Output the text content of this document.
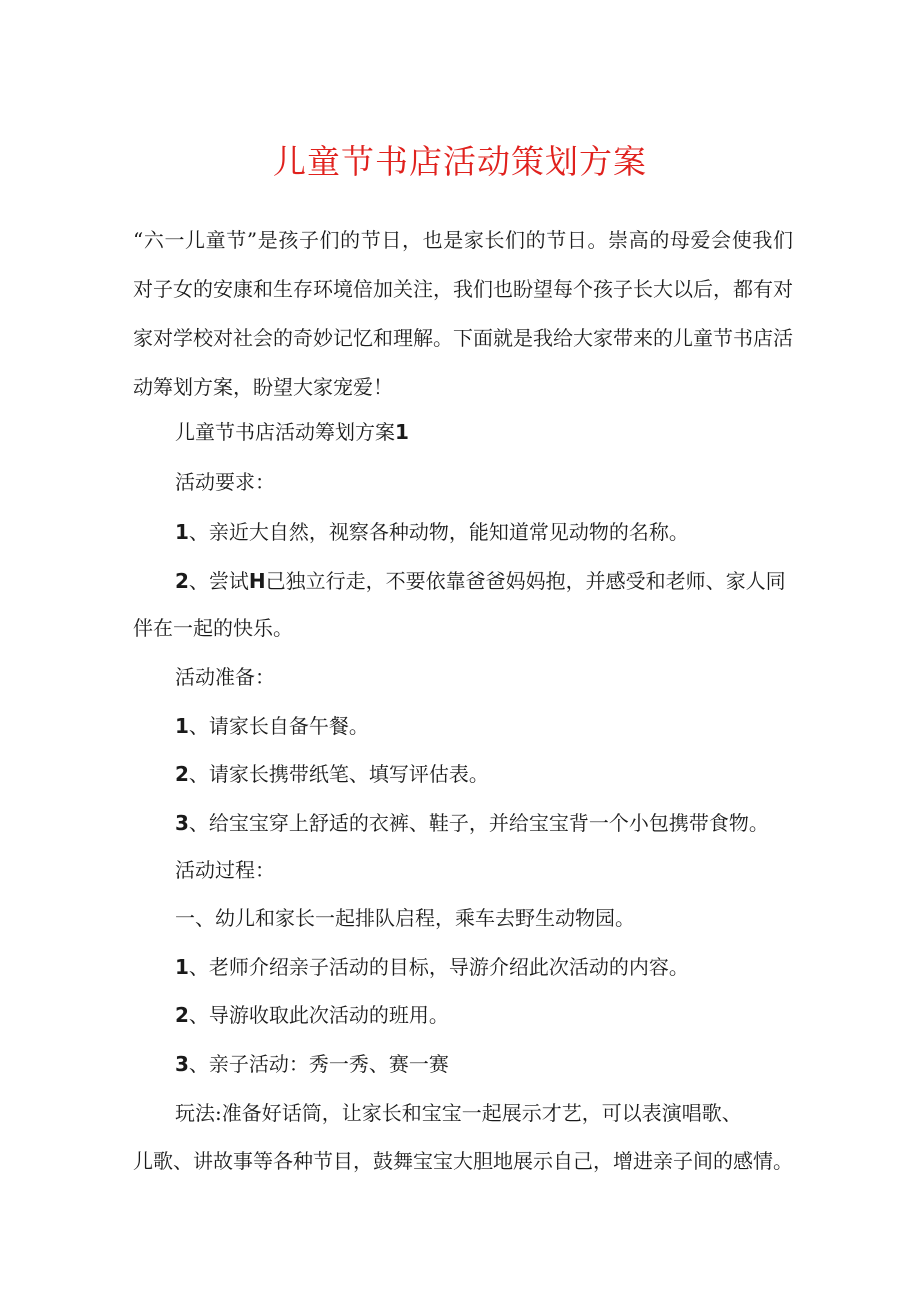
儿童节书店活动策划方案

“六一儿童节”是孩子们的节日，也是家长们的节日。崇高的母爱会使我们对子女的安康和生存环境倍加关注，我们也盼望每个孩子长大以后，都有对家对学校对社会的奇妙记忆和理解。下面就是我给大家带来的儿童节书店活动筹划方案，盼望大家宠爱！

儿童节书店活动筹划方案1

活动要求：

1、亲近大自然，视察各种动物，能知道常见动物的名称。

2、尝试H己独立行走，不要依靠爸爸妈妈抱，并感受和老师、家人同

伴在一起的快乐。

活动准备：

1、请家长自备午餐。

2、请家长携带纸笔、填写评估表。

3、给宝宝穿上舒适的衣裤、鞋子，并给宝宝背一个小包携带食物。

活动过程：

一、幼儿和家长一起排队启程，乘车去野生动物园。

1、老师介绍亲子活动的目标，导游介绍此次活动的内容。

2、导游收取此次活动的班用。

3、亲子活动：秀一秀、赛一赛

玩法:准备好话筒，让家长和宝宝一起展示才艺，可以表演唱歌、

儿歌、讲故事等各种节目，鼓舞宝宝大胆地展示自己，增进亲子间的感情。
